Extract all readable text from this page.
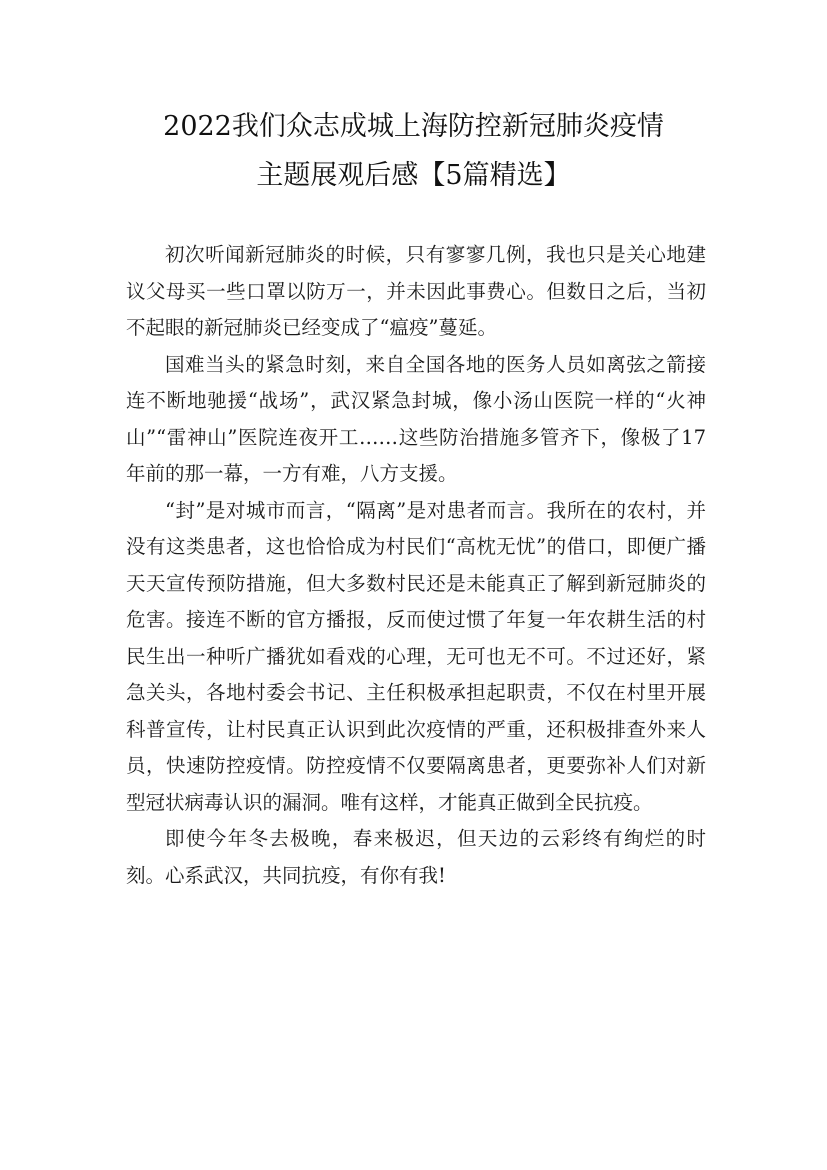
2022我们众志成城上海防控新冠肺炎疫情
主题展观后感【5篇精选】

初次听闻新冠肺炎的时候，只有寥寥几例，我也只是关心地建议父母买一些口罩以防万一，并未因此事费心。但数日之后，当初不起眼的新冠肺炎已经变成了“瘟疫”蔓延。

国难当头的紧急时刻，来自全国各地的医务人员如离弦之箭接连不断地驰援“战场”，武汉紧急封城，像小汤山医院一样的“火神山”“雷神山”医院连夜开工……这些防治措施多管齐下，像极了17年前的那一幕，一方有难，八方支援。

“封”是对城市而言，“隔离”是对患者而言。我所在的农村，并没有这类患者，这也恰恰成为村民们“高枕无忧”的借口，即便广播天天宣传预防措施，但大多数村民还是未能真正了解到新冠肺炎的危害。接连不断的官方播报，反而使过惯了年复一年农耕生活的村民生出一种听广播犹如看戏的心理，无可也无不可。不过还好，紧急关头，各地村委会书记、主任积极承担起职责，不仅在村里开展科普宣传，让村民真正认识到此次疫情的严重，还积极排查外来人员，快速防控疫情。防控疫情不仅要隔离患者，更要弥补人们对新型冠状病毒认识的漏洞。唯有这样，才能真正做到全民抗疫。

即使今年冬去极晚，春来极迟，但天边的云彩终有绚烂的时刻。心系武汉，共同抗疫，有你有我!
